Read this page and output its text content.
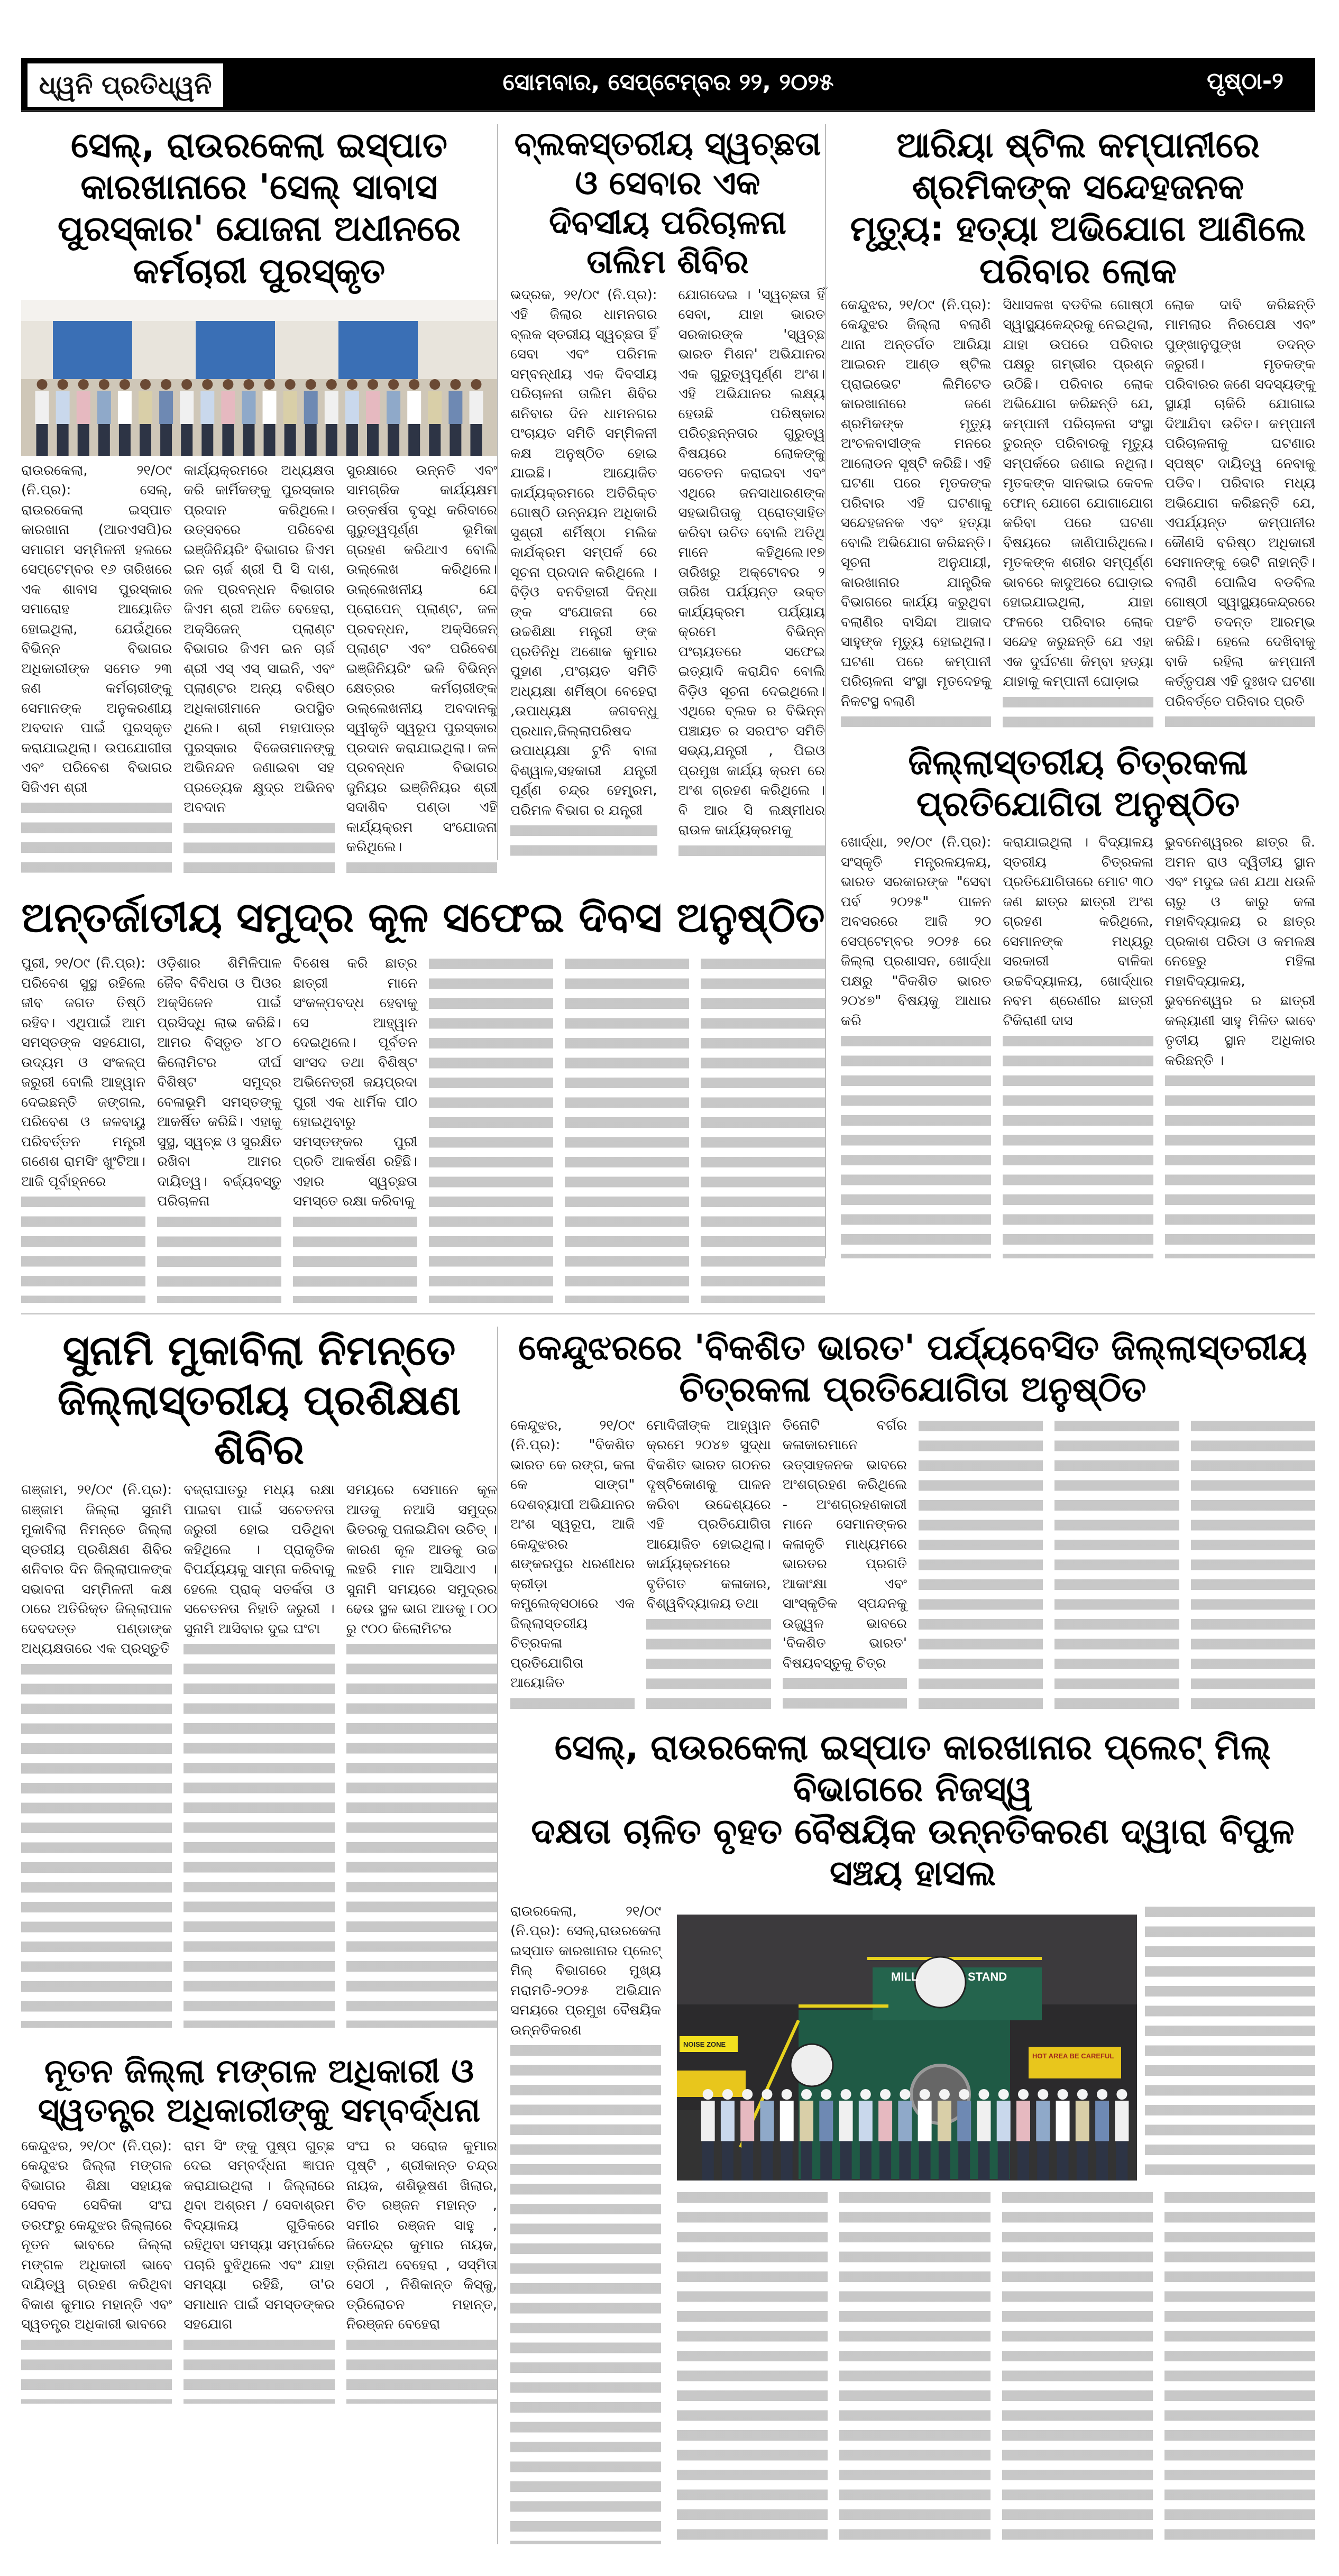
ଧ୍ୱନି ପ୍ରତିଧ୍ୱନି	ସୋମବାର, ସେପ୍ଟେମ୍ବର ୨୨, ୨୦୨୫	ପୃଷ୍ଠା-୨
ସେଲ୍, ରାଉରକେଲା ଇସ୍ପାତ କାରଖାନାରେ 'ସେଲ୍ ସାବାସ
ପୁରସ୍କାର' ଯୋଜନା ଅଧୀନରେ କର୍ମଚାରୀ ପୁରସ୍କୃତ

ରାଉରକେଲା, ୨୧/୦୯ (ନି.ପ୍ର): ସେଲ୍, ରାଉରକେଲା ଇସ୍ପାତ କାରଖାନା (ଆରଏସପି)ର ସମାଗମ ସମ୍ମିଳନୀ ହଲରେ ସେପ୍ଟେମ୍ବର ୧୬ ତାରିଖରେ ଏକ ଶାବାସ ପୁରସ୍କାର ସମାରୋହ ଆୟୋଜିତ ହୋଇଥିଲା, ଯେଉଁଥିରେ ବିଭିନ୍ନ ବିଭାଗର ଅଧିକାରୀଙ୍କ ସମେତ ୨୩ ଜଣ କର୍ମଚାରୀଙ୍କୁ ସେମାନଙ୍କ ଅନୁକରଣୀୟ ଅବଦାନ ପାଇଁ ପୁରସ୍କୃତ କରାଯାଇଥିଲା। ଉପଯୋଗୀତା ଏବଂ ପରିବେଶ ବିଭାଗର ସିଜିଏମ ଶ୍ରୀ

କାର୍ଯ୍ୟକ୍ରମରେ ଅଧ୍ୟକ୍ଷତା କରି କାର୍ମିକଙ୍କୁ ପୁରସ୍କାର ପ୍ରଦାନ କରିଥିଲେ। ଉତ୍ସବରେ ପରିବେଶ ଇଞ୍ଜିନିୟରିଂ ବିଭାଗର ଜିଏମ ଇନ ଚାର୍ଜ ଶ୍ରୀ ପି ସି ଦାଶ, ଜଳ ପ୍ରବନ୍ଧନ ବିଭାଗର ଜିଏମ ଶ୍ରୀ ଅଜିତ ବେହେରା, ଅକ୍ସିଜେନ୍ ପ୍ଲାଣ୍ଟ ବିଭାଗର ଜିଏମ ଇନ ଚାର୍ଜ ଶ୍ରୀ ଏସ୍ ଏସ୍ ସାଇନି, ଏବଂ ପ୍ଲାଣ୍ଟର ଅନ୍ୟ ବରିଷ୍ଠ ଅଧିକାରୀମାନେ ଉପସ୍ଥିତ ଥିଲେ। ଶ୍ରୀ ମହାପାତ୍ର ପୁରସ୍କାର ବିଜେତାମାନଙ୍କୁ ଅଭିନନ୍ଦନ ଜଣାଇବା ସହ ପ୍ରତ୍ୟେକ କ୍ଷୁଦ୍ର ଅଭିନବ ଅବଦାନ

ସୁରକ୍ଷାରେ ଉନ୍ନତି ଏବଂ ସାମଗ୍ରିକ କାର୍ଯ୍ୟକ୍ଷମ ଉତ୍କର୍ଷତା ବୃଦ୍ଧି କରିବାରେ ଗୁରୁତ୍ୱପୂର୍ଣ୍ଣ ଭୂମିକା ଗ୍ରହଣ କରିଥାଏ ବୋଲି ଉଲ୍ଲେଖ କରିଥିଲେ। ଉଲ୍ଲେଖନୀୟ ଯେ ପ୍ରୋପେନ୍ ପ୍ଲାଣ୍ଟ, ଜଳ ପ୍ରବନ୍ଧନ, ଅକ୍ସିଜେନ୍ ପ୍ଲାଣ୍ଟ ଏବଂ ପରିବେଶ ଇଞ୍ଜିନିୟରିଂ ଭଳି ବିଭିନ୍ନ କ୍ଷେତ୍ରର କର୍ମଚାରୀଙ୍କ ଉଲ୍ଲେଖନୀୟ ଅବଦାନକୁ ସ୍ୱୀକୃତି ସ୍ୱରୂପ ପୁରସ୍କାର ପ୍ରଦାନ କରାଯାଇଥିଲା। ଜଳ ପ୍ରବନ୍ଧନ ବିଭାଗର ଜୁନିୟର ଇଞ୍ଜିନିୟର ଶ୍ରୀ ସଦାଶିବ ପଣ୍ଡା ଏହି କାର୍ଯ୍ୟକ୍ରମ ସଂଯୋଜନା କରିଥିଲେ।

ବ୍ଲକସ୍ତରୀୟ ସ୍ୱଚ୍ଛତା ଓ ସେବାର ଏକ
ଦିବସୀୟ ପରିଚାଳନା ତାଲିମ ଶିବିର

ଭଦ୍ରକ, ୨୧/୦୯ (ନି.ପ୍ର): ଏହି ଜିଲାର ଧାମନଗର ବ୍ଲକ ସ୍ତରୀୟ ସ୍ୱଚ୍ଛତା ହିଁ ସେବା ଏବଂ ପରିମଳ ସମ୍ବନ୍ଧୀୟ ଏକ ଦିବସୀୟ ପରିଚାଳନା ତାଲିମ ଶିବିର ଶନିବାର ଦିନ ଧାମନଗର ପଂଚାୟତ ସମିତି ସମ୍ମିଳନୀ କକ୍ଷ ଅନୁଷ୍ଠିତ ହୋଇ ଯାଇଛି। ଆୟୋଜିତ କାର୍ଯ୍ୟକ୍ରମରେ ଅତିରିକ୍ତ ଗୋଷ୍ଠି ଉନ୍ନୟନ ଅଧିକାରି ସୁଶ୍ରୀ ଶର୍ମିଷ୍ଠା ମଲିକ କାର୍ଯକ୍ରମ ସମ୍ପର୍କ ରେ ସୂଚନା ପ୍ରଦାନ କରିଥିଲେ । ବିଡ଼ିଓ ବନବିହାରୀ ଦିନ୍ଧା ଙ୍କ ସଂଯୋଜନା ରେ ଉଚ୍ଚଶିକ୍ଷା ମନ୍ତ୍ରୀ ଙ୍କ ପ୍ରତିନିଧି ଅଶୋକ କୁମାର ପୁହାଣ ,ପଂଚାୟତ ସମିତି ଅଧ୍ୟକ୍ଷା ଶର୍ମିଷ୍ଠା ବେହେରା ,ଉପାଧ୍ୟକ୍ଷ ଜଗବନ୍ଧୁ ପ୍ରଧାନ,ଜିଲ୍ଲାପରିଷଦ ଉପାଧ୍ୟକ୍ଷା ଟୁନି ବାଳା ବିଶ୍ୱାଳ,ସହକାରୀ ଯନ୍ତ୍ରୀ ପୂର୍ଣ୍ଣ ଚନ୍ଦ୍ର ହେମ୍ବ୍ରମ, ପରିମଳ ବିଭାଗ ର ଯନ୍ତ୍ରୀ

ଯୋଗଦେଇ । 'ସ୍ୱଚ୍ଛତା ହିଁ ସେବା, ଯାହା ଭାରତ ସରକାରଙ୍କ 'ସ୍ୱଚ୍ଛ ଭାରତ ମିଶନ' ଅଭିଯାନର ଏକ ଗୁରୁତ୍ୱପୂର୍ଣ୍ଣ ଅଂଶ। ଏହି ଅଭିଯାନର ଲକ୍ଷ୍ୟ ହେଉଛି ପରିଷ୍କାର ପରିଚ୍ଛନ୍ନତାର ଗୁରୁତ୍ୱ ବିଷୟରେ ଲୋକଙ୍କୁ ସଚେତନ କରାଇବା ଏବଂ ଏଥିରେ ଜନସାଧାରଣଙ୍କ ସହଭାଗିତାକୁ ପ୍ରୋତ୍ସାହିତ କରିବା ଉଚିତ ବୋଲି ଅତିଥି ମାନେ କହିଥିଲେ।୧୭ ତାରିଖରୁ ଅକ୍ଟୋବର ୨ ତାରିଖ ପର୍ଯ୍ୟନ୍ତ ଉକ୍ତ କାର୍ଯ୍ୟକ୍ରମ ପର୍ଯ୍ୟାୟ କ୍ରମେ ବିଭିନ୍ନ ପଂଚାୟତରେ ସଫେଇ ଇତ୍ୟାଦି କରାଯିବ ବୋଲି ବିଡ଼ିଓ ସୂଚନା ଦେଇଥିଲେ। ଏଥିରେ ବ୍ଲକ ର ବିଭିନ୍ନ ପଞ୍ଚାୟତ ର ସରପଂଚ ସମିତି ସଭ୍ୟ,ଯନ୍ତ୍ରୀ , ପିଇଓ ପ୍ରମୁଖ କାର୍ଯ୍ୟ କ୍ରମ ରେ ଅଂଶ ଗ୍ରହଣ କରିଥିଲେ । ବି ଆର ସି ଲକ୍ଷ୍ମୀଧର ରାଉଳ କାର୍ଯ୍ୟକ୍ରମକୁ

ଅନ୍ତର୍ଜାତୀୟ ସମୁଦ୍ର କୂଳ ସଫେଇ ଦିବସ ଅନୁଷ୍ଠିତ

ପୁରୀ, ୨୧/୦୯ (ନି.ପ୍ର): ପରିବେଶ ସୁସ୍ଥ ରହିଲେ ଜୀବ ଜଗତ ତିଷ୍ଠି ରହିବ। ଏଥିପାଇଁ ଆମ ସମସ୍ତଙ୍କ ସହଯୋଗ, ଉଦ୍ୟମ ଓ ସଂକଳ୍ପ ଜରୁରୀ ବୋଲି ଆହ୍ୱାନ ଦେଇଛନ୍ତି ଜଙ୍ଗଲ, ପରିବେଶ ଓ ଜଳବାୟୁ ପରିବର୍ତ୍ତନ ମନ୍ତ୍ରୀ ଗଣେଶ ରାମସିଂ ଖୁଂଟିଆ। ଆଜି ପୂର୍ବାହ୍ନରେ

ଓଡ଼ିଶାର ଶିମିଳିପାଳ ଜୈବ ବିବିଧତା ଓ ପିଓର ଅକ୍ସିଜେନ ପାଇଁ ପ୍ରସିଦ୍ଧି ଲାଭ କରିଛି। ଆମର ବିସ୍ତୃତ ୪୮୦ କିଲୋମିଟର ଦୀର୍ଘ ବିଶିଷ୍ଟ ସମୁଦ୍ର ବେଳାଭୂମି ସମସ୍ତଙ୍କୁ ଆକର୍ଷିତ କରିଛି। ଏହାକୁ ସୁସ୍ଥ, ସ୍ୱଚ୍ଛ ଓ ସୁରକ୍ଷିତ ରଖିବା ଆମର ଦାୟିତ୍ୱ। ବର୍ଜ୍ୟବସ୍ତୁ ପରିଚାଳନା

ବିଶେଷ କରି ଛାତ୍ର ଛାତ୍ରୀ ମାନେ ସଂକଳ୍ପବଦ୍ଧ ହେବାକୁ ସେ ଆହ୍ୱାନ ଦେଇଥିଲେ। ପୂର୍ବତନ ସାଂସଦ ତଥା ବିଶିଷ୍ଟ ଅଭିନେତ୍ରୀ ଜୟପ୍ରଦା ପୁରୀ ଏକ ଧାର୍ମିକ ପୀଠ ହୋଇଥିବାରୁ ସମସ୍ତଙ୍କର ପୁରୀ ପ୍ରତି ଆକର୍ଷଣ ରହିଛି। ଏହାର ସ୍ୱଚ୍ଛତା ସମସ୍ତେ ରକ୍ଷା କରିବାକୁ

ଆରିୟା ଷ୍ଟିଲ କମ୍ପାନୀରେ ଶ୍ରମିକଙ୍କ ସନ୍ଦେହଜନକ
ମୃତ୍ୟୁ: ହତ୍ୟା ଅଭିଯୋଗ ଆଣିଲେ ପରିବାର ଲୋକ

କେନ୍ଦୁଝର, ୨୧/୦୯ (ନି.ପ୍ର): କେନ୍ଦୁଝର ଜିଲ୍ଲା ବଲାଣି ଥାନା ଅନ୍ତର୍ଗତ ଆରିୟା ଆଇରନ ଆଣ୍ଡ ଷ୍ଟିଲ ପ୍ରାଇଭେଟ ଲିମିଟେଡ କାରଖାନାରେ ଜଣେ ଶ୍ରମିକଙ୍କ ମୃତ୍ୟୁ ଅଂଚଳବାସୀଙ୍କ ମନରେ ଆଲୋଡନ ସୃଷ୍ଟି କରିଛି। ଏହି ଘଟଣା ପରେ ମୃତକଙ୍କ ପରିବାର ଏହି ଘଟଣାକୁ ସନ୍ଦେହଜନକ ଏବଂ ହତ୍ୟା ବୋଲି ଅଭିଯୋଗ କରିଛନ୍ତି। ସୂଚନା ଅନୁଯାୟୀ, କାରଖାନାର ଯାନ୍ତ୍ରିକ ବିଭାଗରେ କାର୍ଯ୍ୟ କରୁଥିବା ବଲାଣିର ବାସିନ୍ଦା ଆଜାଦ ସାହୁଙ୍କ ମୃତ୍ୟୁ ହୋଇଥିଲା। ଘଟଣା ପରେ କମ୍ପାନୀ ପରିଚାଳନା ସଂସ୍ଥା ମୃତଦେହକୁ ନିକଟସ୍ଥ ବଲାଣି

ସିଧାସଳଖ ବଡବିଲ ଗୋଷ୍ଠୀ ସ୍ୱାସ୍ଥ୍ୟକେନ୍ଦ୍ରକୁ ନେଇଥିଲା, ଯାହା ଉପରେ ପରିବାର ପକ୍ଷରୁ ଗମ୍ଭୀର ପ୍ରଶ୍ନ ଉଠିଛି। ପରିବାର ଲୋକ ଅଭିଯୋଗ କରିଛନ୍ତି ଯେ, କମ୍ପାନୀ ପରିଚାଳନା ସଂସ୍ଥା ତୁରନ୍ତ ପରିବାରକୁ ମୃତ୍ୟୁ ସମ୍ପର୍କରେ ଜଣାଇ ନଥିଲା। ମୃତକଙ୍କ ସାନଭାଇ କେବଳ ଫୋନ୍ ଯୋଗେ ଯୋଗାଯୋଗ କରିବା ପରେ ଘଟଣା ବିଷୟରେ ଜାଣିପାରିଥିଲେ। ମୃତକଙ୍କ ଶରୀର ସମ୍ପୂର୍ଣ୍ଣ ଭାବରେ କାଦୁଅରେ ଘୋଡ଼ାଇ ହୋଇଯାଇଥିଲା, ଯାହା ଫଳରେ ପରିବାର ଲୋକ ସନ୍ଦେହ କରୁଛନ୍ତି ଯେ ଏହା ଏକ ଦୁର୍ଘଟଣା କିମ୍ବା ହତ୍ୟା ଯାହାକୁ କମ୍ପାନୀ ଘୋଡ଼ାଇ

ଲୋକ ଦାବି କରିଛନ୍ତି ମାମଲାର ନିରପେକ୍ଷ ଏବଂ ପୁଙ୍ଖାନୁପୁଙ୍ଖ ତଦନ୍ତ ଜରୁରୀ। ମୃତକଙ୍କ ପରିବାରର ଜଣେ ସଦସ୍ୟଙ୍କୁ ସ୍ଥାୟୀ ଚାକିରି ଯୋଗାଇ ଦିଆଯିବା ଉଚିତ। କମ୍ପାନୀ ପରିଚାଳନାକୁ ଘଟଣାର ସ୍ପଷ୍ଟ ଦାୟିତ୍ୱ ନେବାକୁ ପଡିବ। ପରିବାର ମଧ୍ୟ ଅଭିଯୋଗ କରିଛନ୍ତି ଯେ, ଏପର୍ଯ୍ୟନ୍ତ କମ୍ପାନୀର କୌଣସି ବରିଷ୍ଠ ଅଧିକାରୀ ସେମାନଙ୍କୁ ଭେଟି ନାହାନ୍ତି। ବଲାଣି ପୋଲିସ ବଡବିଲ ଗୋଷ୍ଠୀ ସ୍ୱାସ୍ଥ୍ୟକେନ୍ଦ୍ରରେ ପହଂଚି ତଦନ୍ତ ଆରମ୍ଭ କରିଛି। ହେଲେ ଦେଖିବାକୁ ବାକି ରହିଲା କମ୍ପାନୀ କର୍ତ୍ତୃପକ୍ଷ ଏହି ଦୁଃଖଦ ଘଟଣା ପରିବର୍ତ୍ତେ ପରିବାର ପ୍ରତି

ଜିଲ୍ଲାସ୍ତରୀୟ ଚିତ୍ରକଳା ପ୍ରତିଯୋଗିତା ଅନୁଷ୍ଠିତ

ଖୋର୍ଦ୍ଧା, ୨୧/୦୯ (ନି.ପ୍ର): ସଂସ୍କୃତି ମନ୍ତ୍ରଳୟଳୟ, ଭାରତ ସରକାରଙ୍କ "ସେବା ପର୍ବ ୨୦୨୫" ପାଳନ ଅବସରରେ ଆଜି ୨୦ ସେପ୍ଟେମ୍ବର ୨୦୨୫ ରେ ଜିଲ୍ଲା ପ୍ରଶାସନ, ଖୋର୍ଦ୍ଧା ପକ୍ଷରୁ "ବିକଶିତ ଭାରତ ୨୦୪୭" ବିଷୟକୁ ଆଧାର କରି

କରାଯାଇଥିଲା । ବିଦ୍ୟାଳୟ ସ୍ତରୀୟ ଚିତ୍ରକଳା ପ୍ରତିଯୋଗିତାରେ ମୋଟ ୩୦ ଜଣ ଛାତ୍ର ଛାତ୍ରୀ ଅଂଶ ଗ୍ରହଣ କରିଥିଲେ, ସେମାନଙ୍କ ମଧ୍ୟରୁ ସରକାରୀ ବାଳିକା ଉଚ୍ଚବିଦ୍ୟାଳୟ, ଖୋର୍ଦ୍ଧାର ନବମ ଶ୍ରେଣୀର ଛାତ୍ରୀ ଟିକିରାଣୀ ଦାସ

ଭୁବନେଶ୍ୱରର ଛାତ୍ର ଜି. ଅମନ ରାଓ ଦ୍ୱିତୀୟ ସ୍ଥାନ ଏବଂ ମଦୁଇ ଜଣ ଯଥା ଧଉଳି ଚାରୁ ଓ କାରୁ କଳା ମହାବିଦ୍ୟାଳୟ ର ଛାତ୍ର ପ୍ରକାଶ ପରିଡା ଓ କମଳକ୍ଷ ନେହେରୁ ମହିଳା ମହାବିଦ୍ୟାଳୟ, ଭୁବନେଶ୍ୱର ର ଛାତ୍ରୀ କଲ୍ୟାଣୀ ସାହୁ ମିଳିତ ଭାବେ ତୃତୀୟ ସ୍ଥାନ ଅଧିକାର କରିଛନ୍ତି ।

ସୁନାମି ମୁକାବିଲା ନିମନ୍ତେ
ଜିଲ୍ଲାସ୍ତରୀୟ ପ୍ରଶିକ୍ଷଣ ଶିବିର

ଗଞ୍ଜାମ, ୨୧/୦୯ (ନି.ପ୍ର): ଗଞ୍ଜାମ ଜିଲ୍ଲା ସୁନାମି ମୁକାବିଲା ନିମନ୍ତେ ଜିଲ୍ଲା ସ୍ତରୀୟ ପ୍ରଶିକ୍ଷଣ ଶିବିର ଶନିବାର ଦିନ ଜିଲ୍ଲାପାଳଙ୍କ ସଭାବନା ସମ୍ମିଳନୀ କକ୍ଷ ଠାରେ ଅତିରିକ୍ତ ଜିଲ୍ଲାପାଳ ଦେବଦତ୍ତ ପଣ୍ଡାଙ୍କ ଅଧ୍ୟକ୍ଷତାରେ ଏକ ପ୍ରସ୍ତୁତି

ବଜ୍ରାଘାତରୁ ମଧ୍ୟ ରକ୍ଷା ପାଇବା ପାଇଁ ସଚେତନତା ଜରୁରୀ ହୋଇ ପଡିଥିବା କହିଥିଲେ । ପ୍ରାକୃତିକ ବିପର୍ଯ୍ୟୟକୁ ସାମ୍ନା କରିବାକୁ ହେଲେ ପ୍ରାକ୍ ସତର୍କତା ଓ ସଚେତନତା ନିହାତି ଜରୁରୀ । ସୁନାମି ଆସିବାର ଦୁଇ ଘଂଟା

ସମୟରେ ସେମାନେ କୂଳ ଆଡକୁ ନଆସି ସମୁଦ୍ର ଭିତରକୁ ପଳାଇଯିବା ଉଚିତ୍ । କାରଣ କୂଳ ଆଡକୁ ଉଚ୍ଚ ଲହରି ମାନ ଆସିଥାଏ । ସୁନାମି ସମୟରେ ସମୁଦ୍ରର ଢେଉ ସ୍ଥଳ ଭାଗ ଆଡକୁ ୮୦୦ ରୁ ୯୦୦ କିଲୋମିଟର

ନୂତନ ଜିଲ୍ଲା ମଙ୍ଗଳ ଅଧିକାରୀ ଓ ସ୍ୱତନ୍ତ୍ର ଅଧିକାରୀଙ୍କୁ ସମ୍ବର୍ଦ୍ଧନା

କେନ୍ଦୁଝର, ୨୧/୦୯ (ନି.ପ୍ର): କେନ୍ଦୁଝର ଜିଲ୍ଲା ମଙ୍ଗଳ ବିଭାଗର ଶିକ୍ଷା ସହାୟକ ସେବକ ସେବିକା ସଂଘ ତରଫରୁ କେନ୍ଦୁଝର ଜିଲ୍ଲାରେ ନୂତନ ଭାବରେ ଜିଲ୍ଲା ମଙ୍ଗଳ ଅଧିକାରୀ ଭାବେ ଦାୟିତ୍ୱ ଗ୍ରହଣ କରିଥିବା ବିକାଶ କୁମାର ମହାନ୍ତି ଏବଂ ସ୍ୱତନ୍ତ୍ର ଅଧିକାରୀ ଭାବରେ

ରାମ ସିଂ ଙ୍କୁ ପୁଷ୍ପ ଗୁଚ୍ଛ ଦେଇ ସମ୍ବର୍ଦ୍ଧନା ଜ୍ଞାପନ କରାଯାଇଥିଲା । ଜିଲ୍ଲାରେ ଥିବା ଅଶ୍ରମ / ସେବାଶ୍ରମ ବିଦ୍ୟାଳୟ ଗୁଡିକରେ ରହିଥିବା ସମସ୍ୟା ସମ୍ପର୍କରେ ପଚାରି ବୁଝିଥିଲେ ଏବଂ ଯାହା ସମସ୍ୟା ରହିଛି, ତା'ର ସମାଧାନ ପାଇଁ ସମସ୍ତଙ୍କର ସହଯୋଗ

ସଂଘ ର ସରୋଜ କୁମାର ପୃଷ୍ଟି , ଶ୍ରୀକାନ୍ତ ଚନ୍ଦ୍ର ନାୟକ, ଶଶିଭୂଷଣ ଖିଲାର, ଚିତ ରଞ୍ଜନ ମହାନ୍ତ , ସମୀର ରଞ୍ଜନ ସାହୁ , ଜିତେନ୍ଦ୍ର କୁମାର ନାୟକ, ତ୍ରିନାଥ ବେହେରା , ସସ୍ମିତା ସେଠୀ , ନିଶିକାନ୍ତ କିସ୍କୁ, ତ୍ରିଲୋଚନ ମହାନ୍ତ, ନିରଞ୍ଜନ ବେହେରା

କେନ୍ଦୁଝରରେ 'ବିକଶିତ ଭାରତ' ପର୍ଯ୍ୟବେସିତ ଜିଲ୍ଲାସ୍ତରୀୟ ଚିତ୍ରକଳା ପ୍ରତିଯୋଗିତା ଅନୁଷ୍ଠିତ

କେନ୍ଦୁଝର, ୨୧/୦୯ (ନି.ପ୍ର): "ବିକଶିତ ଭାରତ କେ ରଙ୍ଗ, କଳା କେ ସାଙ୍ଗ" ଦେଶବ୍ୟାପୀ ଅଭିଯାନର ଅଂଶ ସ୍ୱରୂପ, ଆଜି କେନ୍ଦୁଝରର ଶଙ୍କରପୁର ଧରଣୀଧର କ୍ରୀଡ଼ା କମ୍ପ୍ଲେକ୍ସଠାରେ ଏକ ଜିଲ୍ଲାସ୍ତରୀୟ ଚିତ୍ରକଳା ପ୍ରତିଯୋଗିତା ଆୟୋଜିତ

ମୋଦିଜୀଙ୍କ ଆହ୍ୱାନ କ୍ରମେ ୨୦୪୭ ସୁଦ୍ଧା ବିକଶିତ ଭାରତ ଗଠନର ଦୃଷ୍ଟିକୋଣକୁ ପାଳନ କରିବା ଉଦ୍ଦେଶ୍ୟରେ ଏହି ପ୍ରତିଯୋଗିତା ଆୟୋଜିତ ହୋଇଥିଲା। କାର୍ଯ୍ୟକ୍ରମରେ ବୃତିଗତ କଳାକାର, ବିଶ୍ୱବିଦ୍ୟାଳୟ ତଥା

ତିନୋଟି ବର୍ଗର କଳାକାରମାନେ ଉତ୍ସାହଜନକ ଭାବରେ ଅଂଶଗ୍ରହଣ କରିଥିଲେ - ଅଂଶଗ୍ରହଣକାରୀ ମାନେ ସେମାନଙ୍କର କଳାକୃତି ମାଧ୍ୟମରେ ଭାରତର ପ୍ରଗତି ଆକାଂକ୍ଷା ଏବଂ ସାଂସ୍କୃତିକ ସ୍ପନ୍ଦନକୁ ଉଜ୍ଜ୍ୱଳ ଭାବରେ 'ବିକଶିତ ଭାରତ' ବିଷୟବସ୍ତୁକୁ ଚିତ୍ର

ସେଲ୍, ରାଉରକେଲା ଇସ୍ପାତ କାରଖାନାର ପ୍ଲେଟ୍ ମିଲ୍ ବିଭାଗରେ ନିଜସ୍ୱ
ଦକ୍ଷତା ଚାଳିତ ବୃହତ ବୈଷୟିକ ଉନ୍ନତିକରଣ ଦ୍ୱାରା ବିପୁଳ ସଞ୍ଚୟ ହାସଲ

ରାଉରକେଲା, ୨୧/୦୯ (ନି.ପ୍ର): ସେଲ୍,ରାଉରକେଲା ଇସ୍ପାତ କାରଖାନାର ପ୍ଲେଟ୍ ମିଲ୍ ବିଭାଗରେ ମୁଖ୍ୟ ମରାମତି-୨୦୨୫ ଅଭିଯାନ ସମୟରେ ପ୍ରମୁଖ ବୈଷୟିକ ଉନ୍ନତିକରଣ

MILL	STAND
HOT AREA BE CAREFUL
NOISE ZONE
